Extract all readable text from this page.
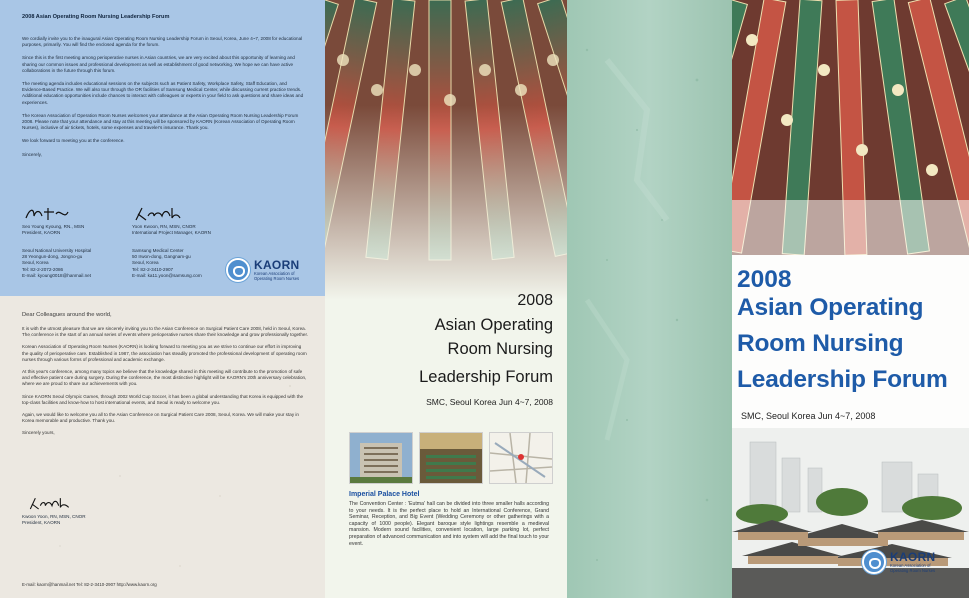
2008 Asian Operating Room Nursing Leadership Forum

We cordially invite you to the inaugural Asian Operating Room Nursing Leadership Forum in Seoul, Korea, June 4~7, 2008 for educational purposes, primarily. You will find the enclosed agenda for the forum.

Since this is the first meeting among perioperative nurses in Asian countries, we are very excited about this opportunity of learning and sharing our common issues and professional development as well as establishment of good networking. We hope we can have active collaborations in the future through this forum.

The meeting agenda includes educational sessions on the subjects such as Patient Safety, Workplace Safety, Staff Education, and Evidence-Based Practice. We will also tour through the OR facilities of Samsung Medical Center, while discussing current practice trends. Additional education opportunities include chances to interact with colleagues or experts in your field to ask questions and share ideas and experiences.

The Korean Association of Operation Room Nurses welcomes your attendance at the Asian Operating Room Nursing Leadership Forum 2008. Please note that your attendance and stay at this meeting will be sponsored by KAORN (Korean Association of Operating Room Nurses), inclusive of air tickets, hotels, some expenses and traveler's insurance. Thank you.

We look forward to meeting you at the conference.

Sincerely,

Seo Young Kyoung, RN., MSN

President, KAORN

Yoon Kwoon, RN, MSN, CNOR

International Project Manager, KAORN

Seoul National University Hospital

28 Yeongun-dong, Jongno-gu

Seoul, Korea

Tel: 82-2-2072-2086

E-mail: kyoung0018@hanmail.net

Samsung Medical Center

50 Irwon-dong, Gangnam-gu

Seoul, Korea

Tel: 82-2-3410-2907

E-mail: ka11.yoon@samsung.com

KAORN
Korean Association of
Operating Room Nurses
Dear Colleagues around the world,

It is with the utmost pleasure that we are sincerely inviting you to the Asian Conference on Surgical Patient Care 2008, held in Seoul, Korea. The conference is the start of an annual series of events where perioperative nurses share their knowledge and grow professionally together.

Korean Association of Operating Room Nurses (KAORN) is looking forward to meeting you as we strive to continue our effort in improving the quality of perioperative care. Established in 1987, the association has steadily promoted the professional development of operating room nurses through various forms of professional and academic exchange.

At this year's conference, among many topics we believe that the knowledge shared in this meeting will contribute to the promotion of safe and effective patient care during surgery. During the conference, the most distinctive highlight will be KAORN's 20th anniversary celebration, where we are proud to share our achievements with you.

Since KAORN Seoul Olympic Games, through 2002 World Cup Soccer, it has been a global understanding that Korea is equipped with the top-class facilities and know-how to host international events, and Seoul is ready to welcome you.

Again, we would like to welcome you all to the Asian Conference on Surgical Patient Care 2008, Seoul, Korea. We will make your stay in Korea memorable and productive. Thank you.

Sincerely yours,

Kwoon Yoon, RN, MSN, CNOR

President, KAORN

E-mail: kaorn@hanmail.net Tel: 82-2-3410-2907 http://www.kaorn.org
2008
Asian Operating
Room Nursing
Leadership Forum
SMC, Seoul Korea Jun 4~7, 2008
Imperial Palace Hotel
The Convention Center : 'Eutma' hall can be divided into three smaller halls according to your needs. It is the perfect place to hold an International Conference, Grand Seminar, Reception, and Big Event (Wedding Ceremony or other gatherings with a capacity of 1000 people). Elegant baroque style lightings resemble a medieval mansion. Modern sound facilities, convenient location, large parking lot, perfect preparation of advanced communication and into system will add the final touch to your event.
2008
Asian Operating
Room Nursing
Leadership Forum
SMC, Seoul Korea Jun 4~7, 2008
KAORN
Korean Association of
Operating Room Nurses
